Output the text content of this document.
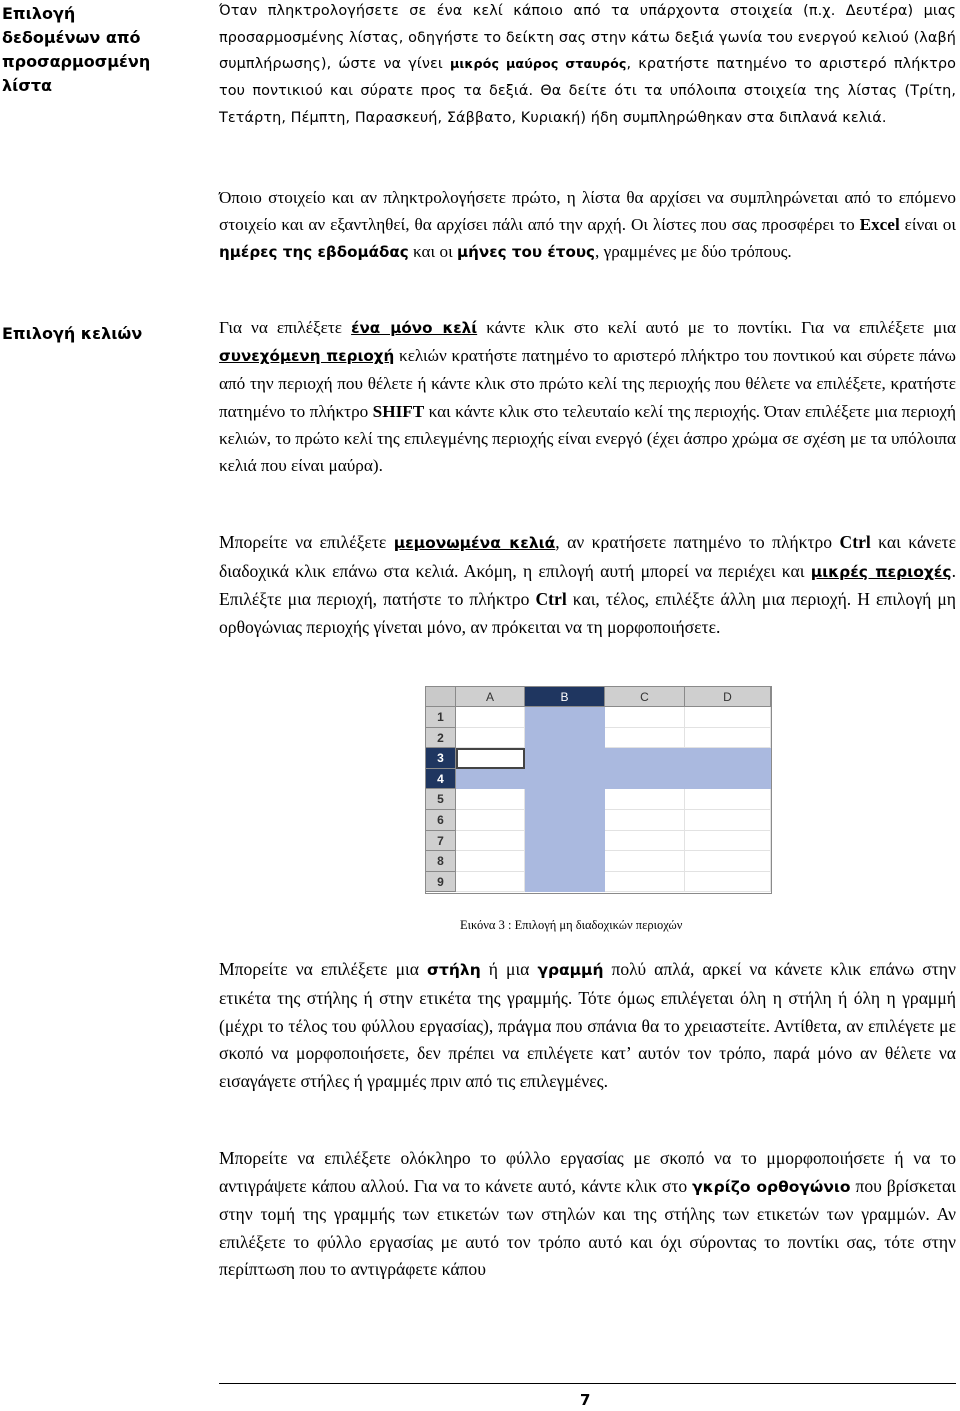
Επιλογή δεδομένων από προσαρμοσμένη λίστα
Επιλογή κελιών

Όταν πληκτρολογήσετε σε ένα κελί κάποιο από τα υπάρχοντα στοιχεία (π.χ. Δευτέρα) μιας προσαρμοσμένης λίστας, οδηγήστε το δείκτη σας στην κάτω δεξιά γωνία του ενεργού κελιού (λαβή συμπλήρωσης), ώστε να γίνει μικρός μαύρος σταυρός, κρατήστε πατημένο το αριστερό πλήκτρο του ποντικιού και σύρατε προς τα δεξιά. Θα δείτε ότι τα υπόλοιπα στοιχεία της λίστας (Τρίτη, Τετάρτη, Πέμπτη, Παρασκευή, Σάββατο, Κυριακή) ήδη συμπληρώθηκαν στα διπλανά κελιά.

Όποιο στοιχείο και αν πληκτρολογήσετε πρώτο, η λίστα θα αρχίσει να συμπληρώνεται από το επόμενο στοιχείο και αν εξαντληθεί, θα αρχίσει πάλι από την αρχή. Οι λίστες που σας προσφέρει το Excel είναι οι ημέρες της εβδομάδας και οι μήνες του έτους, γραμμένες με δύο τρόπους.

Για να επιλέξετε ένα μόνο κελί κάντε κλικ στο κελί αυτό με το ποντίκι. Για να επιλέξετε μια συνεχόμενη περιοχή κελιών κρατήστε πατημένο το αριστερό πλήκτρο του ποντικού και σύρετε πάνω από την περιοχή που θέλετε ή κάντε κλικ στο πρώτο κελί της περιοχής που θέλετε να επιλέξετε, κρατήστε πατημένο το πλήκτρο SHIFT και κάντε κλικ στο τελευταίο κελί της περιοχής. Όταν επιλέξετε μια περιοχή κελιών, το πρώτο κελί της επιλεγμένης περιοχής είναι ενεργό (έχει άσπρο χρώμα σε σχέση με τα υπόλοιπα κελιά που είναι μαύρα).

Μπορείτε να επιλέξετε μεμονωμένα κελιά, αν κρατήσετε πατημένο το πλήκτρο Ctrl και κάνετε διαδοχικά κλικ επάνω στα κελιά. Ακόμη, η επιλογή αυτή μπορεί να περιέχει και μικρές περιοχές. Επιλέξτε μια περιοχή, πατήστε το πλήκτρο Ctrl και, τέλος, επιλέξτε άλλη μια περιοχή. Η επιλογή μη ορθογώνιας περιοχής γίνεται μόνο, αν πρόκειται να τη μορφοποιήσετε.

A	B	C	D
1
2
3
4
5
6
7
8
9
Εικόνα 3 : Επιλογή μη διαδοχικών περιοχών

Μπορείτε να επιλέξετε μια στήλη ή μια γραμμή πολύ απλά, αρκεί να κάνετε κλικ επάνω στην ετικέτα της στήλης ή στην ετικέτα της γραμμής. Τότε όμως επιλέγεται όλη η στήλη ή όλη η γραμμή (μέχρι το τέλος του φύλλου εργασίας), πράγμα που σπάνια θα το χρειαστείτε. Αντίθετα, αν επιλέγετε με σκοπό να μορφοποιήσετε, δεν πρέπει να επιλέγετε κατ’ αυτόν τον τρόπο, παρά μόνο αν θέλετε να εισαγάγετε στήλες ή γραμμές πριν από τις επιλεγμένες.

Μπορείτε να επιλέξετε ολόκληρο το φύλλο εργασίας με σκοπό να το μμορφοποιήσετε ή να το αντιγράψετε κάπου αλλού. Για να το κάνετε αυτό, κάντε κλικ στο γκρίζο ορθογώνιο που βρίσκεται στην τομή της γραμμής των ετικετών των στηλών και της στήλης των ετικετών των γραμμών. Αν επιλέξετε το φύλλο εργασίας με αυτό τον τρόπο αυτό και όχι σύροντας το ποντίκι σας, τότε στην περίπτωση που το αντιγράφετε κάπου

7
